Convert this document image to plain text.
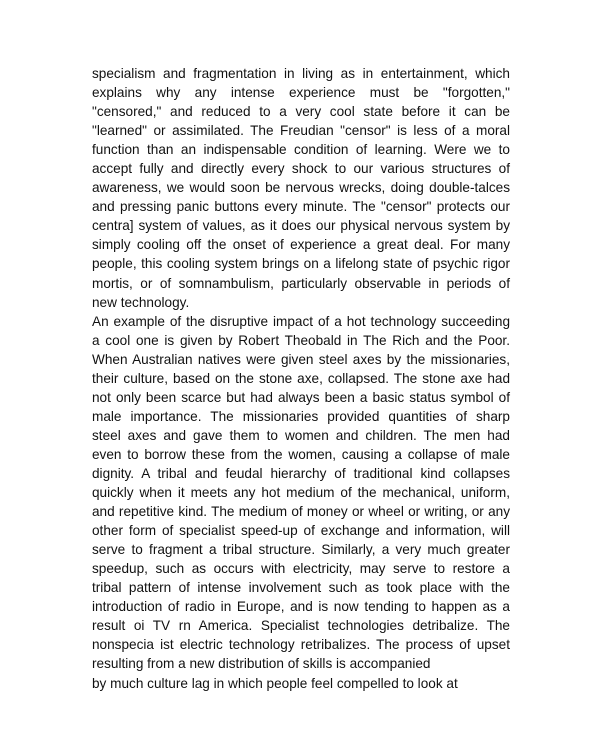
specialism and fragmentation in living as in entertainment, which
explains why any intense experience must be "forgotten,"
"censored," and reduced to a very cool state before it can be
"learned" or assimilated. The Freudian "censor" is less of a moral
function than an indispensable condition of learning. Were we to
accept fully and directly every shock to our various structures of
awareness, we would soon be nervous wrecks, doing double-talces
and pressing panic buttons every minute. The "censor" protects our
centra] system of values, as it does our physical nervous system by
simply cooling off the onset of experience a great deal. For many
people, this cooling system brings on a lifelong state of psychic rigor
mortis, or of somnambulism, particularly observable in periods of
new technology.

An example of the disruptive impact of a hot technology succeeding
a cool one is given by Robert Theobald in The Rich and the Poor.
When Australian natives were given steel axes by the missionaries,
their culture, based on the stone axe, collapsed. The stone axe had
not only been scarce but had always been a basic status symbol of
male importance. The missionaries provided quantities of sharp
steel axes and gave them to women and children. The men had
even to borrow these from the women, causing a collapse of male
dignity. A tribal and feudal hierarchy of traditional kind collapses
quickly when it meets any hot medium of the mechanical, uniform,
and repetitive kind. The medium of money or wheel or writing, or any
other form of specialist speed-up of exchange and information, will
serve to fragment a tribal structure. Similarly, a very much greater
speedup, such as occurs with electricity, may serve to restore a
tribal pattern of intense involvement such as took place with the
introduction of radio in Europe, and is now tending to happen as a
result oi TV rn America. Specialist technologies detribalize. The
nonspecia ist electric technology retribalizes. The process of upset
resulting from a new distribution of skills is accompanied

by much culture lag in which people feel compelled to look at
